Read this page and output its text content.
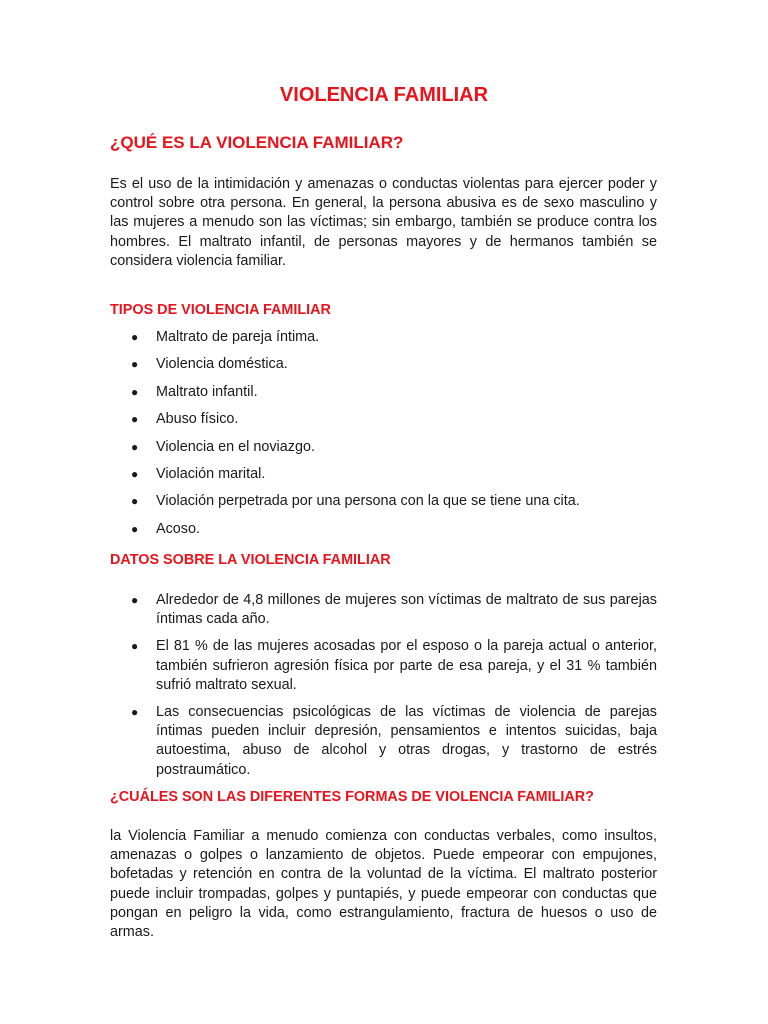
VIOLENCIA FAMILIAR
¿QUÉ ES LA VIOLENCIA FAMILIAR?

Es el uso de la intimidación y amenazas o conductas violentas para ejercer poder y control sobre otra persona. En general, la persona abusiva es de sexo masculino y las mujeres a menudo son las víctimas; sin embargo, también se produce contra los hombres. El maltrato infantil, de personas mayores y de hermanos también se considera violencia familiar.

TIPOS DE VIOLENCIA FAMILIAR
● Maltrato de pareja íntima.
● Violencia doméstica.
● Maltrato infantil.
● Abuso físico.
● Violencia en el noviazgo.
● Violación marital.
● Violación perpetrada por una persona con la que se tiene una cita.
● Acoso.
DATOS SOBRE LA VIOLENCIA FAMILIAR
● Alrededor de 4,8 millones de mujeres son víctimas de maltrato de sus parejas íntimas cada año.
● El 81 % de las mujeres acosadas por el esposo o la pareja actual o anterior, también sufrieron agresión física por parte de esa pareja, y el 31 % también sufrió maltrato sexual.
● Las consecuencias psicológicas de las víctimas de violencia de parejas íntimas pueden incluir depresión, pensamientos e intentos suicidas, baja autoestima, abuso de alcohol y otras drogas, y trastorno de estrés postraumático.
¿CUÁLES SON LAS DIFERENTES FORMAS DE VIOLENCIA FAMILIAR?

la Violencia Familiar a menudo comienza con conductas verbales, como insultos, amenazas o golpes o lanzamiento de objetos. Puede empeorar con empujones, bofetadas y retención en contra de la voluntad de la víctima. El maltrato posterior puede incluir trompadas, golpes y puntapiés, y puede empeorar con conductas que pongan en peligro la vida, como estrangulamiento, fractura de huesos o uso de armas.
